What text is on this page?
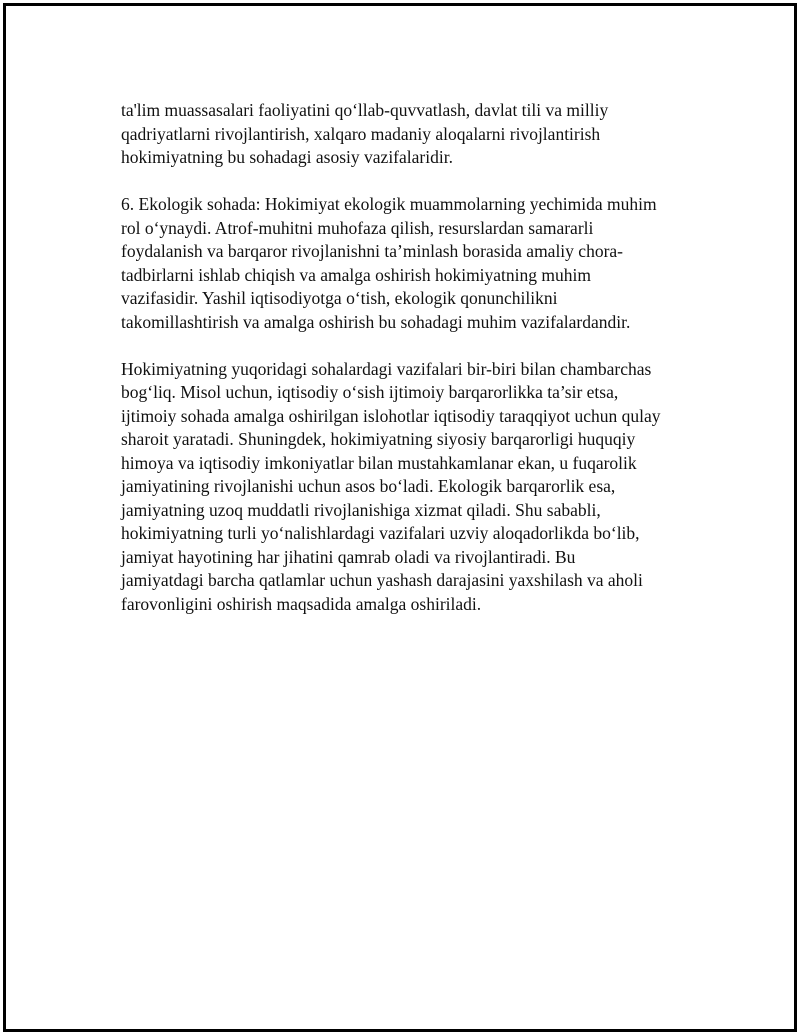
ta'lim muassasalari faoliyatini qo‘llab-quvvatlash, davlat tili va milliy
qadriyatlarni rivojlantirish, xalqaro madaniy aloqalarni rivojlantirish
hokimiyatning bu sohadagi asosiy vazifalaridir.

6. Ekologik sohada: Hokimiyat ekologik muammolarning yechimida muhim
rol o‘ynaydi. Atrof-muhitni muhofaza qilish, resurslardan samararli
foydalanish va barqaror rivojlanishni ta’minlash borasida amaliy chora-
tadbirlarni ishlab chiqish va amalga oshirish hokimiyatning muhim
vazifasidir. Yashil iqtisodiyotga o‘tish, ekologik qonunchilikni
takomillashtirish va amalga oshirish bu sohadagi muhim vazifalardandir.

Hokimiyatning yuqoridagi sohalardagi vazifalari bir-biri bilan chambarchas
bog‘liq. Misol uchun, iqtisodiy o‘sish ijtimoiy barqarorlikka ta’sir etsa,
ijtimoiy sohada amalga oshirilgan islohotlar iqtisodiy taraqqiyot uchun qulay
sharoit yaratadi. Shuningdek, hokimiyatning siyosiy barqarorligi huquqiy
himoya va iqtisodiy imkoniyatlar bilan mustahkamlanar ekan, u fuqarolik
jamiyatining rivojlanishi uchun asos bo‘ladi. Ekologik barqarorlik esa,
jamiyatning uzoq muddatli rivojlanishiga xizmat qiladi. Shu sababli,
hokimiyatning turli yo‘nalishlardagi vazifalari uzviy aloqadorlikda bo‘lib,
jamiyat hayotining har jihatini qamrab oladi va rivojlantiradi. Bu
jamiyatdagi barcha qatlamlar uchun yashash darajasini yaxshilash va aholi
farovonligini oshirish maqsadida amalga oshiriladi.
